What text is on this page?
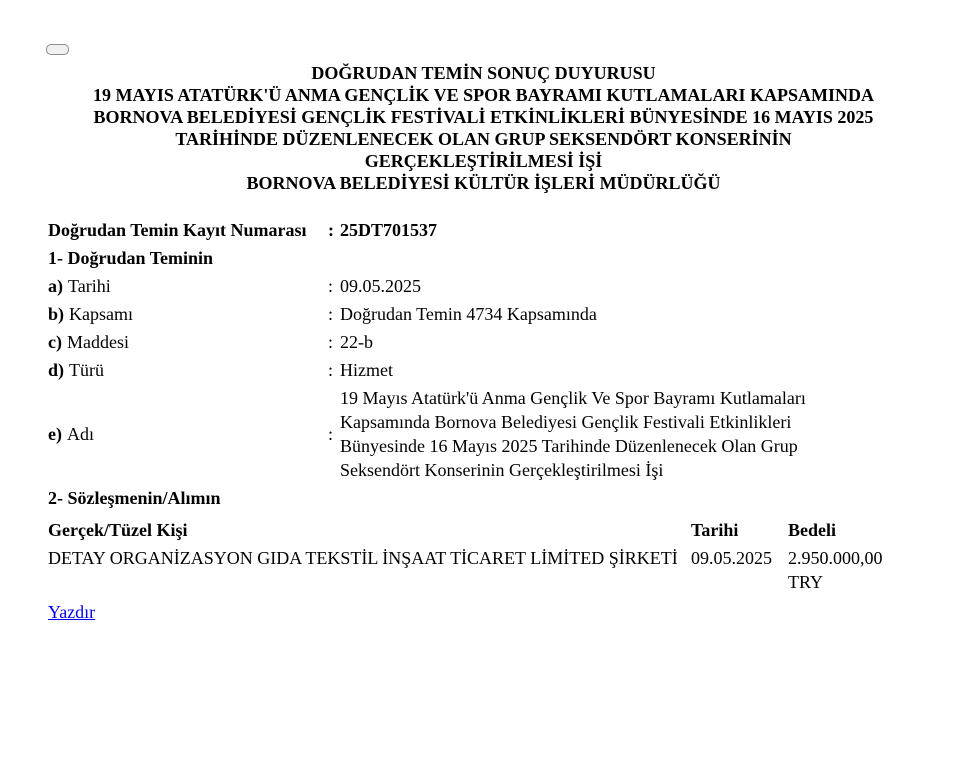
DOĞRUDAN TEMİN SONUÇ DUYURUSU
19 MAYIS ATATÜRK'Ü ANMA GENÇLİK VE SPOR BAYRAMI KUTLAMALARI KAPSAMINDA
BORNOVA BELEDİYESİ GENÇLİK FESTİVALİ ETKİNLİKLERİ BÜNYESİNDE 16 MAYIS 2025
TARİHİNDE DÜZENLENECEK OLAN GRUP SEKSENDÖRT KONSERİNİN
GERÇEKLEŞTİRİLMESİ İŞİ
BORNOVA BELEDİYESİ KÜLTÜR İŞLERİ MÜDÜRLÜĞÜ
Doğrudan Temin Kayıt Numarası	:	25DT701537
1- Doğrudan Teminin		
a) Tarihi	:	09.05.2025
b) Kapsamı	:	Doğrudan Temin 4734 Kapsamında
c) Maddesi	:	22-b
d) Türü	:	Hizmet
e) Adı	:	19 Mayıs Atatürk'ü Anma Gençlik Ve Spor Bayramı Kutlamaları Kapsamında Bornova Belediyesi Gençlik Festivali Etkinlikleri Bünyesinde 16 Mayıs 2025 Tarihinde Düzenlenecek Olan Grup Seksendört Konserinin Gerçekleştirilmesi İşi
2- Sözleşmenin/Alımın		
Gerçek/Tüzel Kişi	Tarihi	Bedeli
DETAY ORGANİZASYON GIDA TEKSTİL İNŞAAT TİCARET LİMİTED ŞİRKETİ	09.05.2025	2.950.000,00 TRY
Yazdır
